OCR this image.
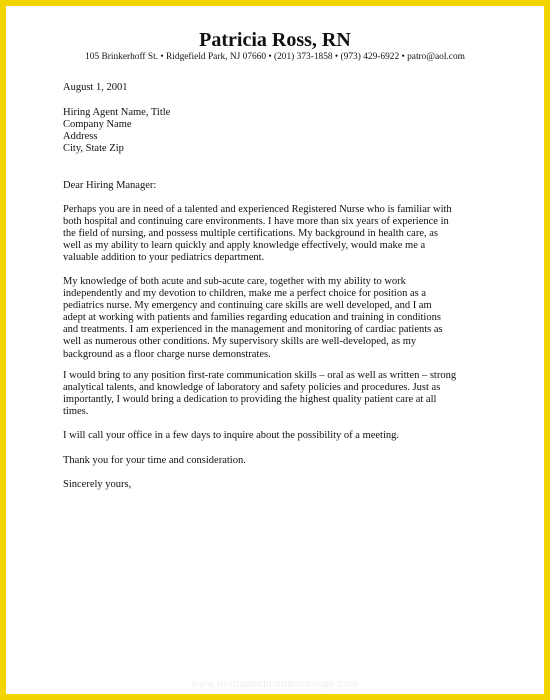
Patricia Ross, RN
105 Brinkerhoff St. • Ridgefield Park, NJ 07660 • (201) 373-1858 • (973) 429-6922 • patro@aol.com
August 1, 2001
Hiring Agent Name, Title
Company Name
Address
City, State Zip
Dear Hiring Manager:
Perhaps you are in need of a talented and experienced Registered Nurse who is familiar with
both hospital and continuing care environments. I have more than six years of experience in
the field of nursing, and possess multiple certifications. My background in health care, as
well as my ability to learn quickly and apply knowledge effectively, would make me a
valuable addition to your pediatrics department.
My knowledge of both acute and sub-acute care, together with my ability to work
independently and my devotion to children, make me a perfect choice for position as a
pediatrics nurse. My emergency and continuing care skills are well developed, and I am
adept at working with patients and families regarding education and training in conditions
and treatments. I am experienced in the management and monitoring of cardiac patients as
well as numerous other conditions. My supervisory skills are well-developed, as my
background as a floor charge nurse demonstrates.
I would bring to any position first-rate communication skills – oral as well as written – strong
analytical talents, and knowledge of laboratory and safety policies and procedures. Just as
importantly, I would bring a dedication to providing the highest quality patient care at all
times.
I will call your office in a few days to inquire about the possibility of a meeting.
Thank you for your time and consideration.
Sincerely yours,
www.heritagechristiancollege.com
